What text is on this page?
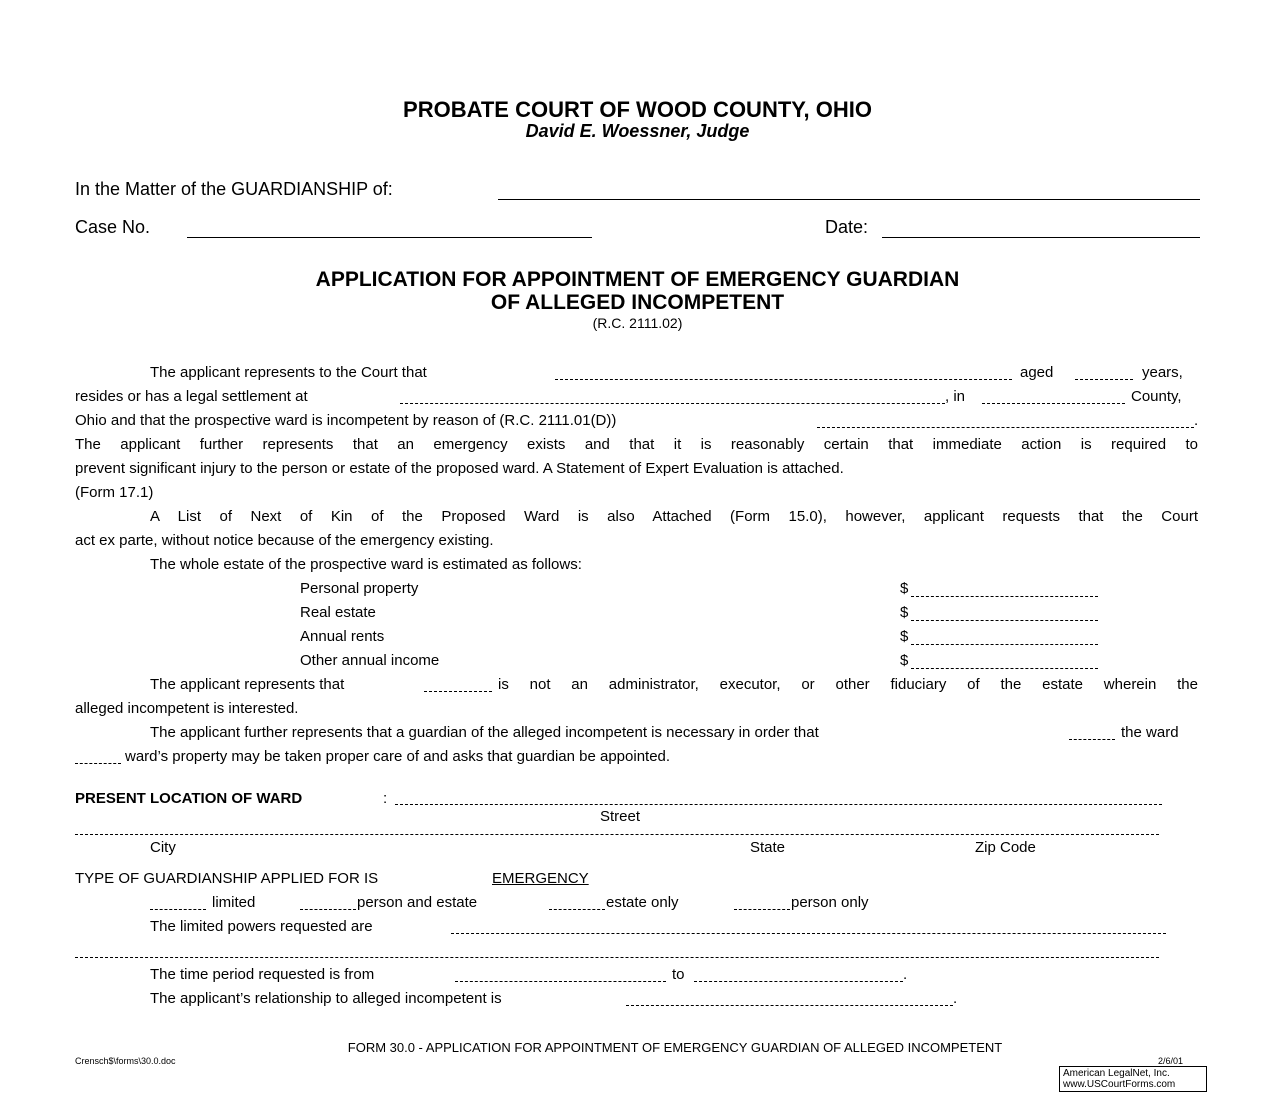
PROBATE COURT OF WOOD COUNTY, OHIO
David E. Woessner, Judge
In the Matter of the GUARDIANSHIP of:
Case No.	Date:
APPLICATION FOR APPOINTMENT OF EMERGENCY GUARDIAN
OF ALLEGED INCOMPETENT
(R.C. 2111.02)
The applicant represents to the Court that	aged	years,
resides or has a legal settlement at	, in	County,
Ohio and that the prospective ward is incompetent by reason of (R.C. 2111.01(D))	.
The applicant further represents that an emergency exists and that it is reasonably certain that immediate action is required to
prevent significant injury to the person or estate of the proposed ward. A Statement of Expert Evaluation is attached.
(Form 17.1)
A List of Next of Kin of the Proposed Ward is also Attached (Form 15.0), however, applicant requests that the Court
act ex parte, without notice because of the emergency existing.
The whole estate of the prospective ward is estimated as follows:
Personal property	$
Real estate	$
Annual rents	$
Other annual income	$
The applicant represents that	is not an administrator, executor, or other fiduciary of the estate wherein the
alleged incompetent is interested.
The applicant further represents that a guardian of the alleged incompetent is necessary in order that	the ward
ward’s property may be taken proper care of and asks that guardian be appointed.
PRESENT LOCATION OF WARD	:
Street
City	State	Zip Code
TYPE OF GUARDIANSHIP APPLIED FOR IS	EMERGENCY
limited	person and estate	estate only	person only
The limited powers requested are
The time period requested is from	to	.
The applicant’s relationship to alleged incompetent is	.
FORM 30.0 - APPLICATION FOR APPOINTMENT OF EMERGENCY GUARDIAN OF ALLEGED INCOMPETENT
Crensch$\forms\30.0.doc	2/6/01
American LegalNet, Inc.
www.USCourtForms.com
